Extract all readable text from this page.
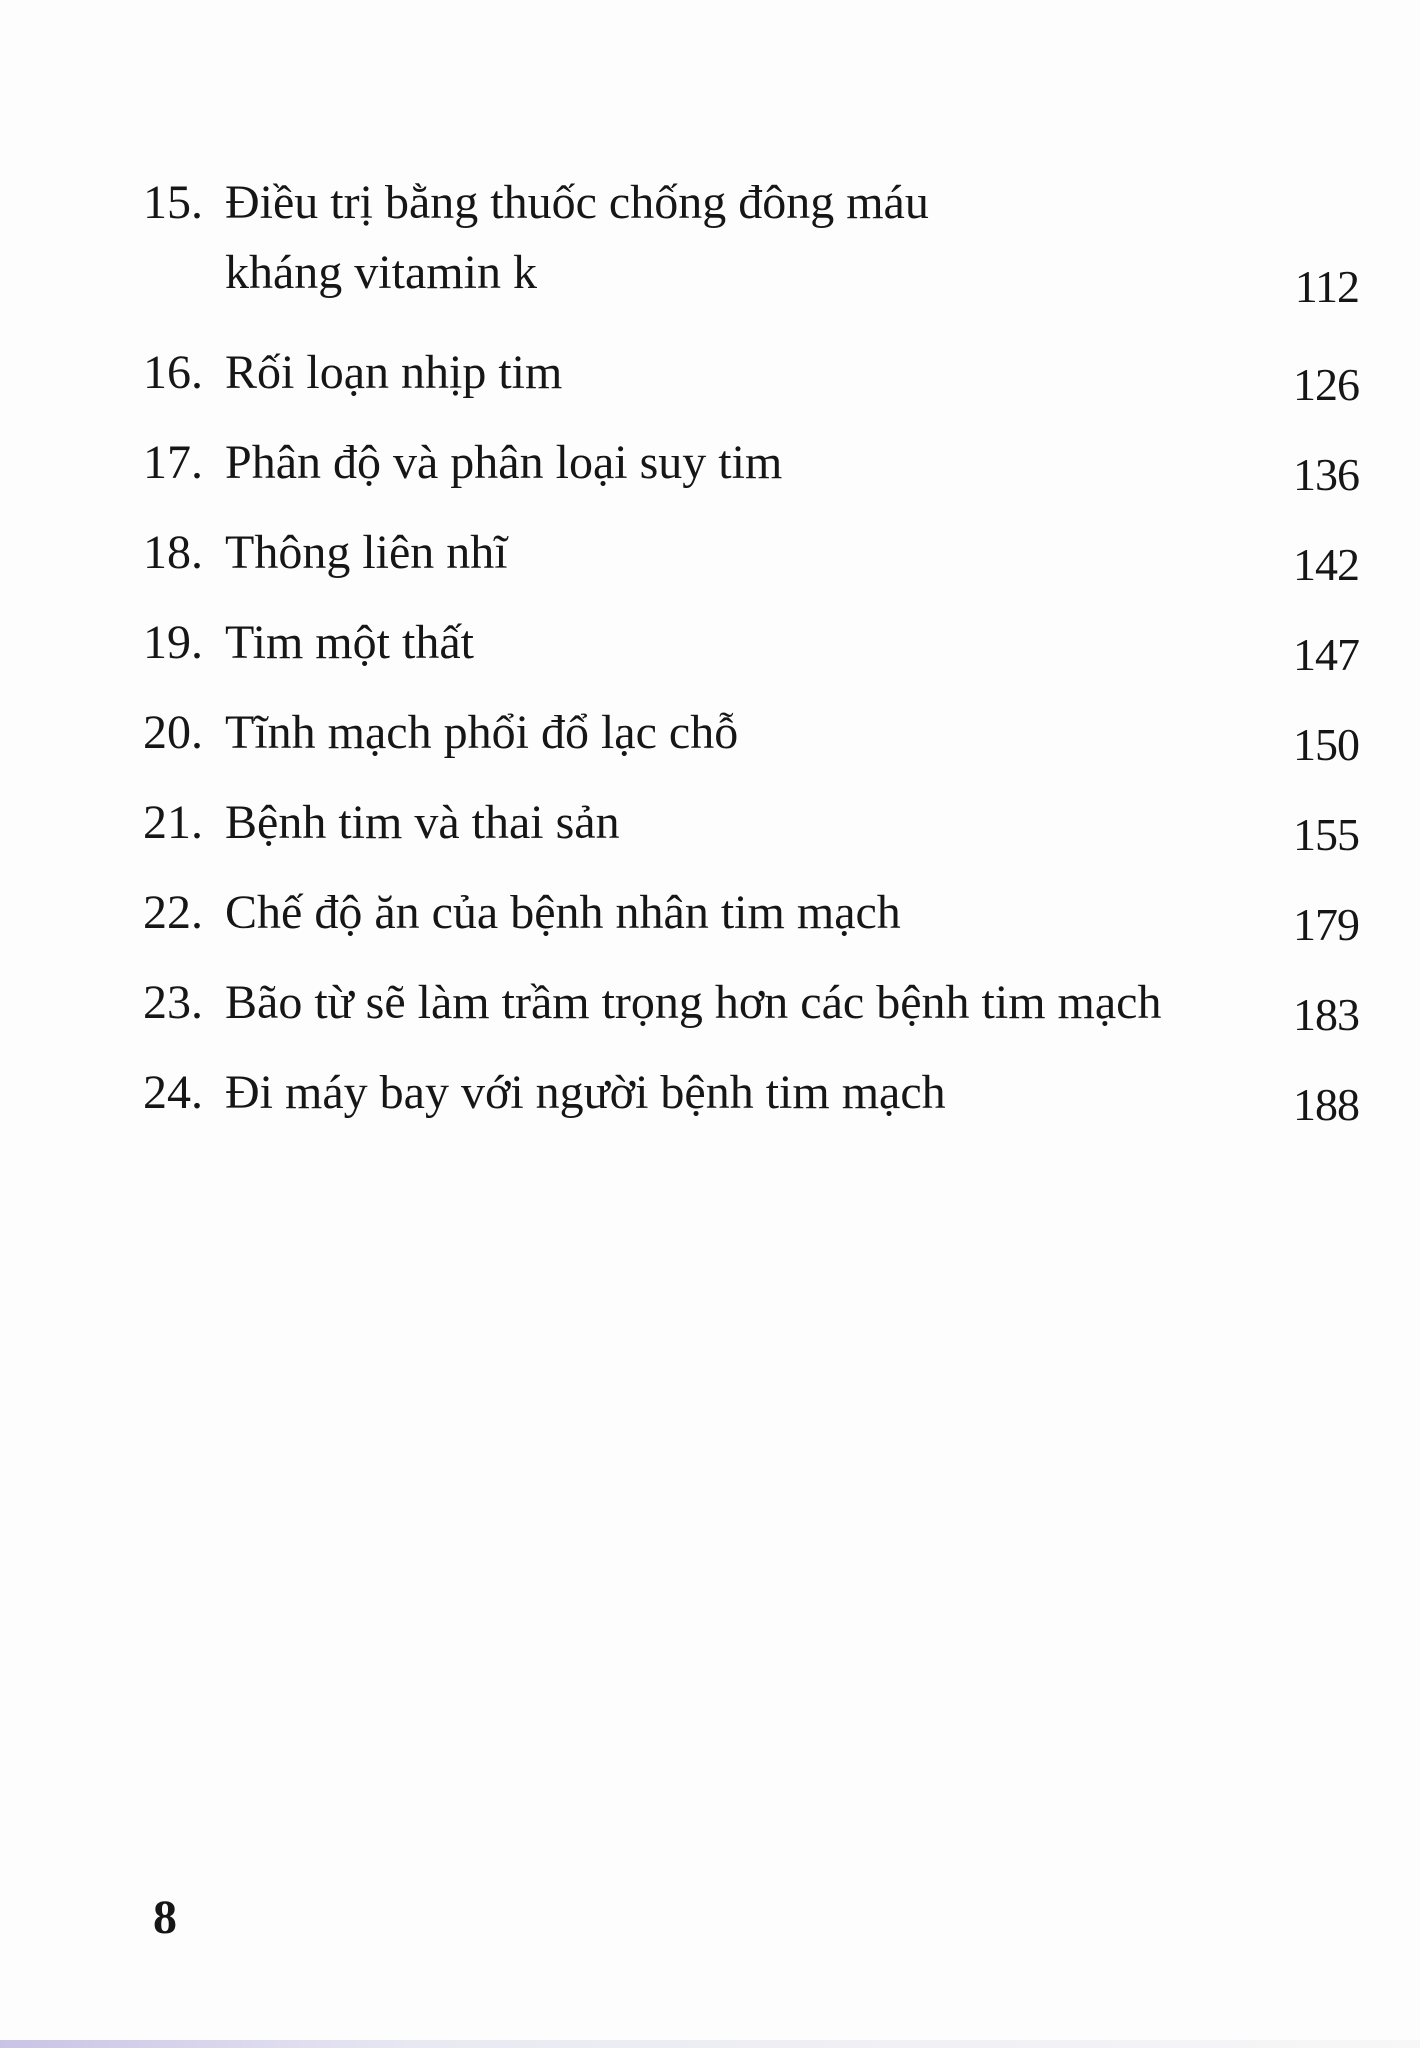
15. Điều trị bằng thuốc chống đông máu
kháng vitamin k	112
16. Rối loạn nhịp tim	126
17. Phân độ và phân loại suy tim	136
18. Thông liên nhĩ	142
19. Tim một thất	147
20. Tĩnh mạch phổi đổ lạc chỗ	150
21. Bệnh tim và thai sản	155
22. Chế độ ăn của bệnh nhân tim mạch	179
23. Bão từ sẽ làm trầm trọng hơn các bệnh tim mạch	183
24. Đi máy bay với người bệnh tim mạch	188
8
